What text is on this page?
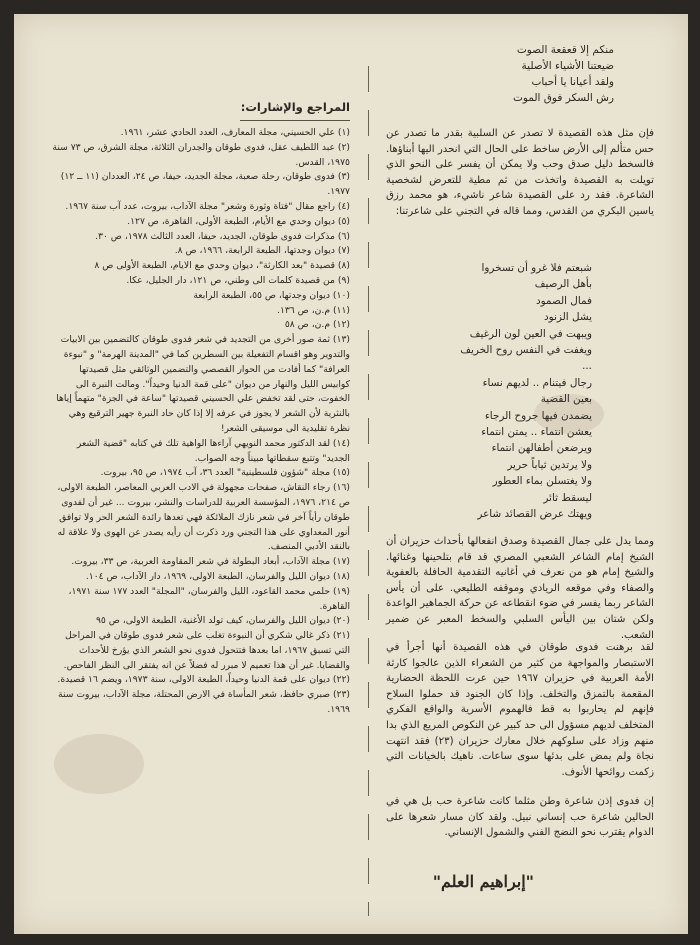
منكم إلا قعقعة الصوت
ضيعتنا الأشياء الأصلية
ولقد أعيانا يا أحباب
رش السكر فوق الموت
فإن مثل هذه القصيدة لا تصدر عن السلبية بقدر ما تصدر عن حس متألم إلى الأرض ساخط على الحال التي انحدر اليها أبناؤها. فالسخط دليل صدق وحب ولا يمكن أن يفسر على النحو الذي تويلت به القصيدة واتخذت من ثم مطية للتعرض لشخصية الشاعرة. فقد رد على القصيدة شاعر ناشيء، هو محمد رزق ياسين البكري من القدس، ومما قاله في التجني على شاعرتنا:
شبعتم فلا غرو أن تسخروا
بأهل الرصيف
فمال الصمود
يشل الزنود
ويبهت في العين لون الرغيف
ويغفت في النفس روح الخريف
...
رجال فيتنام .. لديهم نساء
بعين القضية
يضمدن فيها جروح الرجاء
يعشن انتماء .. يمتن انتماء
ويرضعن أطفالهن انتماء
ولا يرتدين ثياباً حرير
ولا يغتسلن بماء العطور
ليسقط ثائر
ويهتك عرض القصائد شاعر
ومما يدل على جمال القصيدة وصدق انفعالها بأحداث حزيران أن الشيخ إمام الشاعر الشعبي المصري قد قام بتلحينها وغنائها. والشيخ إمام هو من نعرف في أغانيه التقدمية الحافلة بالعفوية والصفاء وفي موقعه الريادي وموقفه الطليعي. على أن يأس الشاعر ربما يفسر في ضوء انقطاعه عن حركة الجماهير الواعدة ولكن شتان بين اليأس السلبي والسخط المعبر عن ضمير الشعب.
لقد برهنت فدوى طوقان في هذه القصيدة أنها أجرأ في الاستبصار والمواجهة من كثير من الشعراء الذين عالجوا كارثة الأمة العربية في حزيران ١٩٦٧ حين عرت اللحظة الحضارية المقعمة بالتمزق والتخلف. وإذا كان الجنود قد حملوا السلاح فإنهم لم يحاربوا به قط فالهموم الأسرية والواقع الفكري المتخلف لديهم مسؤول الى حد كبير عن النكوص المريع الذي بدا منهم وزاد على سلوكهم خلال معارك حزيران (٢٣) فقد انتهت نجاة ولم يمض على بدئها سوى ساعات. ناهيك بالخيانات التي زكمت روائحها الأنوف.
إن فدوى إذن شاعرة وطن مثلما كانت شاعرة حب بل هي في الحالين شاعرة حب إنساني نبيل. ولقد كان مسار شعرها على الدوام يقترب نحو النضج الفني والشمول الإنساني.
"إبراهيم العلم"
المراجع والإشارات:
(١) علي الحسيني، مجلة المعارف، العدد الحادي عشر، ١٩٦١.
(٢) عبد اللطيف عقل، فدوى طوقان والجدران الثلاثة، مجلة الشرق، ص ٧٣ سنة ١٩٧٥، القدس.
(٣) فدوى طوقان، رحلة صعبة، مجلة الجديد، حيفا، ص ٢٤، العددان (١١ ــ ١٢) ١٩٧٧.
(٤) راجع مقال "فتاة وثورة وشعر" مجلة الآداب، بيروت، عدد آب سنة ١٩٦٧.
(٥) ديوان وحدي مع الأيام، الطبعة الأولى، القاهرة، ص ١٢٧.
(٦) مذكرات فدوى طوقان، الجديد، حيفا، العدد الثالث ١٩٧٨، ص ٣٠.
(٧) ديوان وجدتها، الطبعة الرابعة، ١٩٦٦، ص ٨.
(٨) قصيدة "بعد الكارثة"، ديوان وحدي مع الايام، الطبعة الأولى ص ٨
(٩) من قصيدة كلمات الى وطني، ص ١٢١، دار الجليل، عكا.
(١٠) ديوان وجدتها، ص ٥٥، الطبعة الرابعة
(١١) م.ن، ص ١٣٦.
(١٢) م.ن، ص ٥٨
(١٣) ثمة صور أخرى من التجديد في شعر فدوى طوقان كالتضمين بين الابيات والتدوير وهو اقسام التفعيلة بين السطرين كما في "المدينة الهرمة" و "نبوءة العرافة" كما أفادت من الحوار القصصي والتضمين الوثائقي مثل قصيدتها كوابيس الليل والنهار من ديوان "على قمة الدنيا وحيداً". ومالت النبرة الى الخفوت، حتى لقد تخفض علي الحسيني قصيدتها "ساعة في الجزة" متهماً إياها بالنثرية لأن الشعر لا يجوز في عرفه إلا إذا كان حاد النبرة جهير الترقيع وهي نظرة تقليدية الى موسيقى الشعر!
(١٤) لقد الدكتور محمد النويهي آراءها الواهية تلك في كتابه "قضية الشعر الجديد" وتتبع سقطاتها مبيناً وجه الصواب.
(١٥) مجلة "شؤون فلسطينية" العدد ٣٦، آب ١٩٧٤، ص ٩٥، بيروت.
(١٦) رجاء النقاش، صفحات مجهولة في الادب العربي المعاصر، الطبعة الاولى، ص ٢١٤، ١٩٧٦، المؤسسة العربية للدراسات والنشر، بيروت ... غير أن لفدوى طوقان رأياً آخر في شعر نازك الملائكة فهي تعدها رائدة الشعر الحر ولا توافق أنور المعداوي على هذا التجني ورد ذكرت أن رأيه يصدر عن الهوى ولا علاقة له بالنقد الأدبي المنصف.
(١٧) مجلة الآداب، أبعاد البطولة في شعر المقاومة العربية، ص ٣٣، بيروت.
(١٨) ديوان الليل والفرسان، الطبعة الاولى، ١٩٦٩، دار الآداب، ص ١٠٤.
(١٩) حلمي محمد القاعود، الليل والفرسان، "المجلة" العدد ١٧٧ سنة ١٩٧١، القاهرة.
(٢٠) ديوان الليل والفرسان، كيف تولد الأغنية، الطبعة الاولى، ص ٩٥
(٢١) ذكر غالي شكري أن النبوءة تغلب على شعر فدوى طوقان في المراحل التي تسبق ١٩٦٧، اما بعدها فتتحول فدوى نحو الشعر الذي يؤرخ للأحداث والقضايا. غير أن هذا تعميم لا مبرر له فضلاً عن انه يفتقر الى النظر الفاحص.
(٢٢) ديوان على قمة الدنيا وحيداً، الطبعة الاولى، سنة ١٩٧٣، ويضم ١٦ قصيدة.
(٢٣) صبري حافظ، شعر المأساة في الارض المحتلة، مجلة الآداب، بيروت سنة ١٩٦٩.
